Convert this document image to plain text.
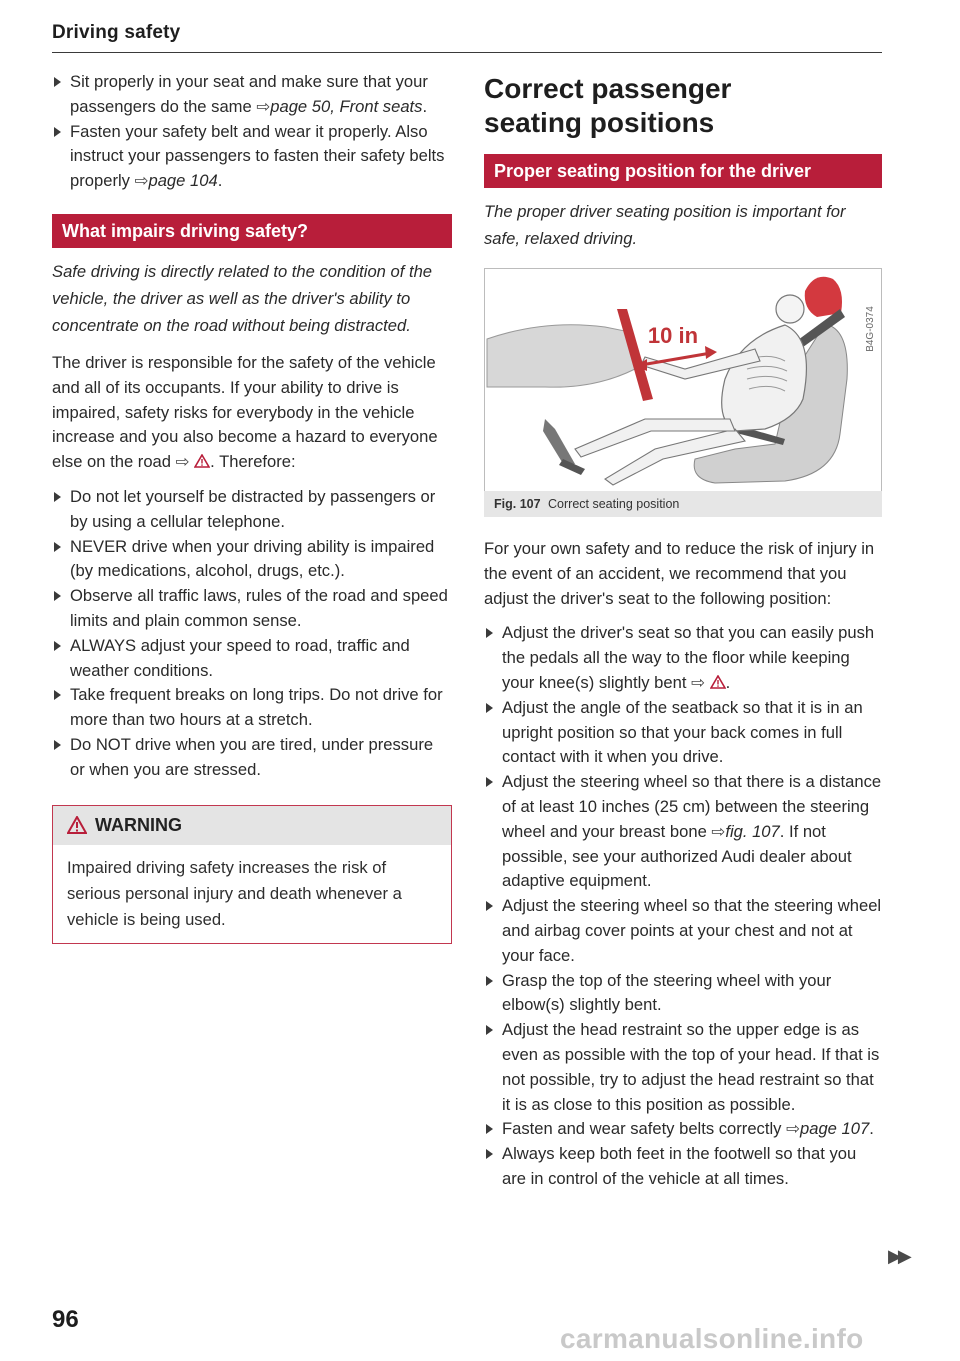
Driving safety
Sit properly in your seat and make sure that your passengers do the same ⇨page 50, Front seats.
Fasten your safety belt and wear it properly. Also instruct your passengers to fasten their safety belts properly ⇨page 104.
What impairs driving safety?

Safe driving is directly related to the condition of the vehicle, the driver as well as the driver's ability to concentrate on the road without being distracted.

The driver is responsible for the safety of the vehicle and all of its occupants. If your ability to drive is impaired, safety risks for everybody in the vehicle increase and you also become a hazard to everyone else on the road ⇨ . Therefore:

Do not let yourself be distracted by passengers or by using a cellular telephone.
NEVER drive when your driving ability is impaired (by medications, alcohol, drugs, etc.).
Observe all traffic laws, rules of the road and speed limits and plain common sense.
ALWAYS adjust your speed to road, traffic and weather conditions.
Take frequent breaks on long trips. Do not drive for more than two hours at a stretch.
Do NOT drive when you are tired, under pressure or when you are stressed.
WARNING
Impaired driving safety increases the risk of serious personal injury and death whenever a vehicle is being used.
Correct passenger
seating positions
Proper seating position for the driver

The proper driver seating position is important for safe, relaxed driving.

10 in	B4G-0374
Fig. 107 Correct seating position

For your own safety and to reduce the risk of injury in the event of an accident, we recommend that you adjust the driver's seat to the following position:

Adjust the driver's seat so that you can easily push the pedals all the way to the floor while keeping your knee(s) slightly bent ⇨ .
Adjust the angle of the seatback so that it is in an upright position so that your back comes in full contact with it when you drive.
Adjust the steering wheel so that there is a distance of at least 10 inches (25 cm) between the steering wheel and your breast bone ⇨fig. 107. If not possible, see your authorized Audi dealer about adaptive equipment.
Adjust the steering wheel so that the steering wheel and airbag cover points at your chest and not at your face.
Grasp the top of the steering wheel with your elbow(s) slightly bent.
Adjust the head restraint so the upper edge is as even as possible with the top of your head. If that is not possible, try to adjust the head restraint so that it is as close to this position as possible.
Fasten and wear safety belts correctly ⇨page 107.
Always keep both feet in the footwell so that you are in control of the vehicle at all times.
▶▶
96
carmanualsonline.info
